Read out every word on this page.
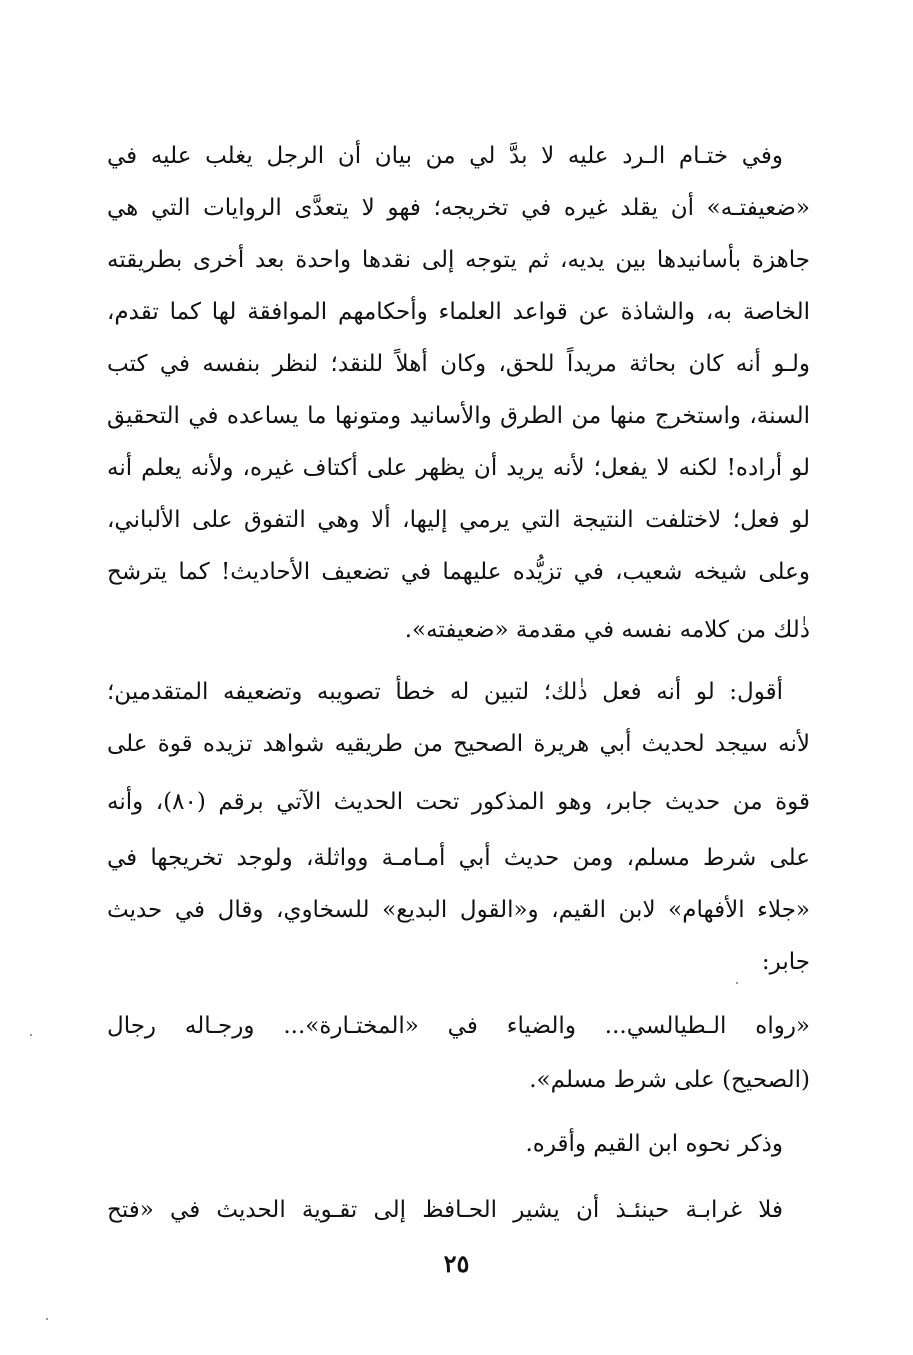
وفي ختـام الـرد عليه لا بدَّ لي من بيان أن الرجل يغلب عليه في
«ضعيفتـه» أن يقلد غيره في تخريجه؛ فهو لا يتعدَّى الروايات التي هي
جاهزة بأسانيدها بين يديه، ثم يتوجه إلى نقدها واحدة بعد أخرى بطريقته
الخاصة به، والشاذة عن قواعد العلماء وأحكامهم الموافقة لها كما تقدم،
ولـو أنه كان بحاثة مريداً للحق، وكان أهلاً للنقد؛ لنظر بنفسه في كتب
السنة، واستخرج منها من الطرق والأسانيد ومتونها ما يساعده في التحقيق
لو أراده! لكنه لا يفعل؛ لأنه يريد أن يظهر على أكتاف غيره، ولأنه يعلم أنه
لو فعل؛ لاختلفت النتيجة التي يرمي إليها، ألا وهي التفوق على الألباني،
وعلى شيخه شعيب، في تزيُّده عليهما في تضعيف الأحاديث! كما يترشح
ذٰلك من كلامه نفسه في مقدمة «ضعيفته».
أقول: لو أنه فعل ذٰلك؛ لتبين له خطأ تصويبه وتضعيفه المتقدمين؛
لأنه سيجد لحديث أبي هريرة الصحيح من طريقيه شواهد تزيده قوة على
قوة من حديث جابر، وهو المذكور تحت الحديث الآتي برقم (٨٠)، وأنه
على شرط مسلم، ومن حديث أبي أمـامـة وواثلة، ولوجد تخريجها في
«جلاء الأفهام» لابن القيم، و«القول البديع» للسخاوي، وقال في حديث
جابر:
«رواه الـطيالسي... والضياء في «المختـارة»... ورجـاله رجال
(الصحيح) على شرط مسلم».
وذكر نحوه ابن القيم وأقره.
فلا غرابـة حينئـذ أن يشير الحـافظ إلى تقـوية الحديث في «فتح
٢٥
